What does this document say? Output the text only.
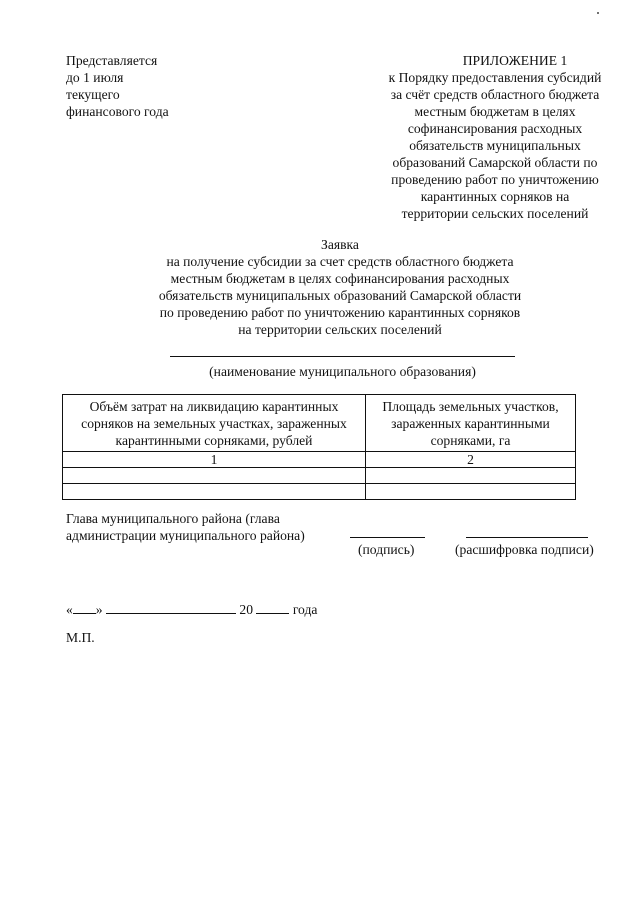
Представляется
до 1 июля
текущего
финансового года
ПРИЛОЖЕНИЕ 1
к Порядку предоставления субсидий
за счёт средств областного бюджета
местным бюджетам в целях
софинансирования расходных
обязательств муниципальных
образований Самарской области по
проведению работ по уничтожению
карантинных сорняков на
территории сельских поселений
Заявка
на получение субсидии за счет средств областного бюджета
местным бюджетам в целях софинансирования расходных
обязательств муниципальных образований Самарской области
по проведению работ по уничтожению карантинных сорняков
на территории сельских поселений
(наименование муниципального образования)
Объём затрат на ликвидацию карантинных сорняков на земельных участках, зараженных карантинными сорняками, рублей	Площадь земельных участков, зараженных карантинными сорняками, га
1	2

Глава муниципального района (глава
администрации муниципального района)
(подпись)	(расшифровка подписи)
« »	20	года
М.П.
